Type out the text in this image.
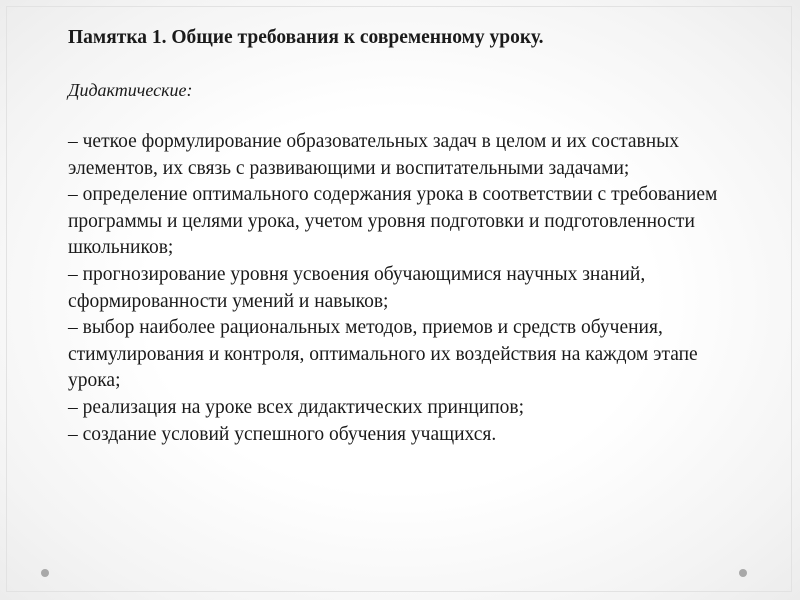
Памятка 1. Общие требования к современному уроку.
Дидактические:
– четкое формулирование образовательных задач в целом и их составных элементов, их связь с развивающими и воспитательными задачами;
– определение оптимального содержания урока в соответствии с требованием программы и целями урока, учетом уровня подготовки и подготовленности школьников;
– прогнозирование уровня усвоения обучающимися научных знаний, сформированности умений и навыков;
– выбор наиболее рациональных методов, приемов и средств обучения, стимулирования и контроля, оптимального их воздействия на каждом этапе урока;
– реализация на уроке всех дидактических принципов;
– создание условий успешного обучения учащихся.
